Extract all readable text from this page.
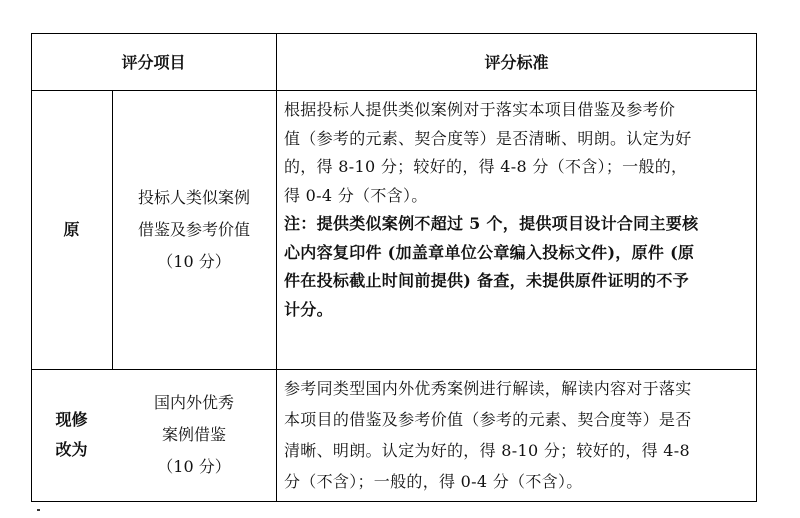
评分项目	评分标准
原
投标人类似案例
借鉴及参考价值
（10 分）
根据投标人提供类似案例对于落实本项目借鉴及参考价
值（参考的元素、契合度等）是否清晰、明朗。认定为好
的，得 8-10 分；较好的，得 4-8 分（不含）；一般的，
得 0-4 分（不含）。
注：提供类似案例不超过 5 个，提供项目设计合同主要核
心内容复印件 (加盖章单位公章编入投标文件)，原件 (原
件在投标截止时间前提供) 备查，未提供原件证明的不予
计分。
现修
改为
国内外优秀
案例借鉴
（10 分）
参考同类型国内外优秀案例进行解读，解读内容对于落实
本项目的借鉴及参考价值（参考的元素、契合度等）是否
清晰、明朗。认定为好的，得 8-10 分；较好的，得 4-8
分（不含）；一般的，得 0-4 分（不含）。
